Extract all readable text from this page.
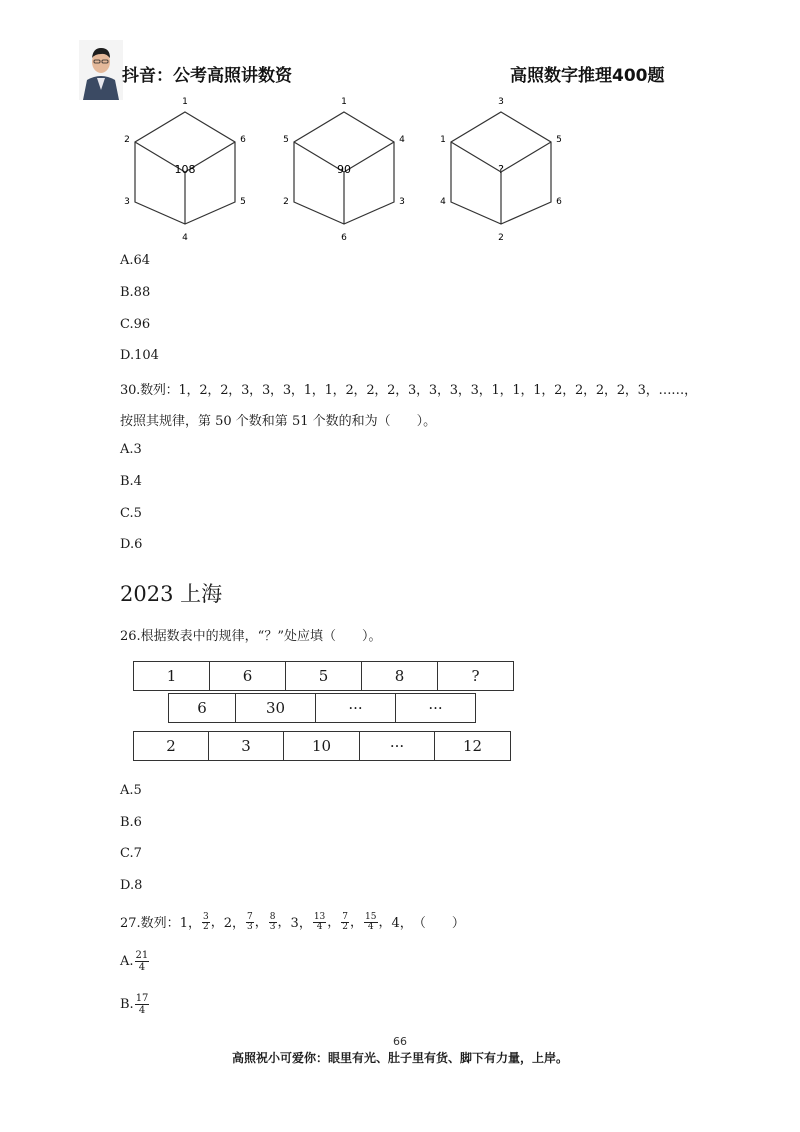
抖音：公考高照讲数资	高照数字推理400题
1
2	6
3	5
4
108
1
5	4
2	3
6
90
3
1	5
4	6
2
?
A.64
B.88
C.96
D.104
30.数列：1，2，2，3，3，3，1，1，2，2，2，3，3，3，3，1，1，1，2，2，2，2，3，……，
按照其规律，第 50 个数和第 51 个数的和为（　　）。
A.3
B.4
C.5
D.6
2023 上海
26.根据数表中的规律，“？”处应填（　　）。
1	6	5	8	?
6	30	···	···
2	3	10	···	12
A.5
B.6
C.7
D.8
27.数列： 1， $\frac{3}{2}$ ， 2， $\frac{7}{3}$ ， $\frac{8}{3}$ ， 3， $\frac{13}{4}$ ， $\frac{7}{2}$ ， $\frac{15}{4}$ ， 4， （　　）
A. $\frac{21}{4}$
B. $\frac{17}{4}$
66
高照祝小可爱你：眼里有光、肚子里有货、脚下有力量，上岸。
